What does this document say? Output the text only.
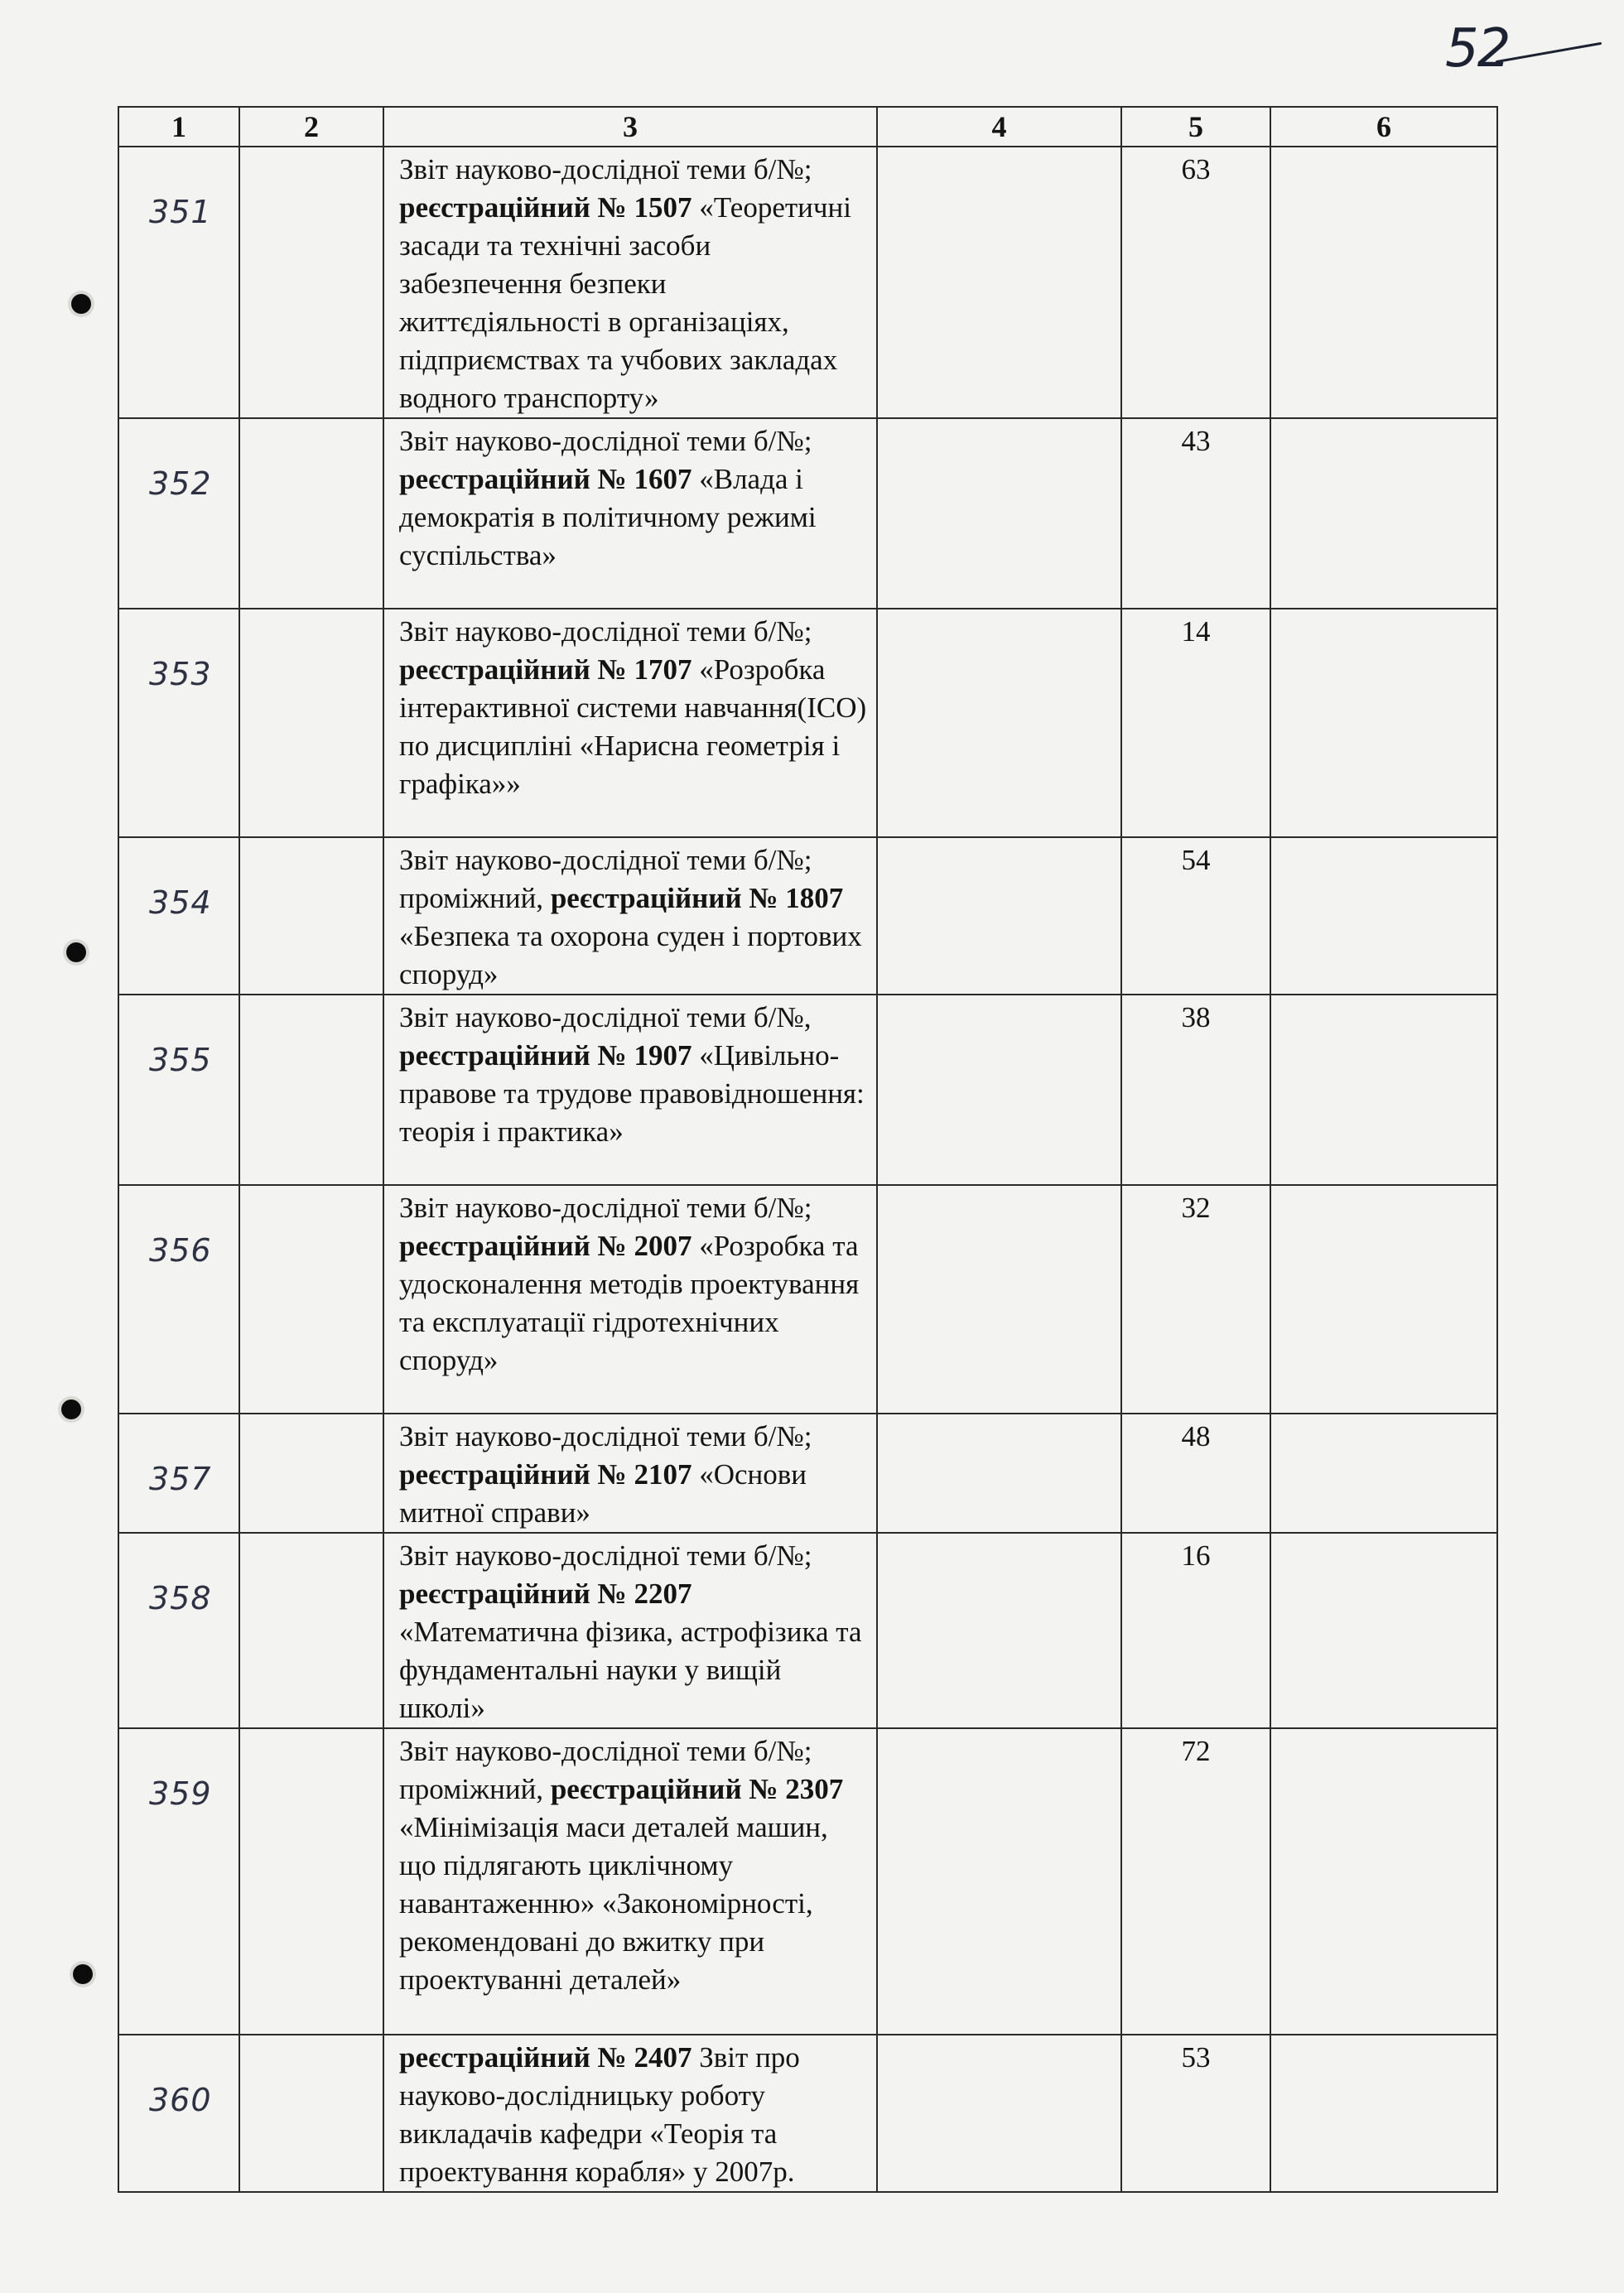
52
1	2	3	4	5	6

351		Звіт науково-дослідної теми б/№; реєстраційний № 1507 «Теоретичні засади та технічні засоби забезпечення безпеки життєдіяльності в організаціях, підприємствах та учбових закладах водного транспорту»		63	

352		Звіт науково-дослідної теми б/№; реєстраційний № 1607 «Влада і демократія в політичному режимі суспільства»		43	

353		Звіт науково-дослідної теми б/№; реєстраційний № 1707 «Розробка інтерактивної системи навчання(ІСО) по дисципліні «Нарисна геометрія і графіка»»		14	

354		Звіт науково-дослідної теми б/№; проміжний, реєстраційний № 1807 «Безпека та охорона суден і портових споруд»		54	

355		Звіт науково-дослідної теми б/№, реєстраційний № 1907 «Цивільно-правове та трудове правовідношення: теорія і практика»		38	

356		Звіт науково-дослідної теми б/№; реєстраційний № 2007 «Розробка та удосконалення методів проектування та експлуатації гідротехнічних споруд»		32	

357		Звіт науково-дослідної теми б/№; реєстраційний № 2107 «Основи митної справи»		48	

358		Звіт науково-дослідної теми б/№; реєстраційний № 2207 «Математична фізика, астрофізика та фундаментальні науки у вищій школі»		16	

359		Звіт науково-дослідної теми б/№; проміжний, реєстраційний № 2307 «Мінімізація маси деталей машин, що підлягають циклічному навантаженню» «Закономірності, рекомендовані до вжитку при проектуванні деталей»		72	

360		реєстраційний № 2407 Звіт про науково-дослідницьку роботу викладачів кафедри «Теорія та проектування корабля» у 2007р.		53	
